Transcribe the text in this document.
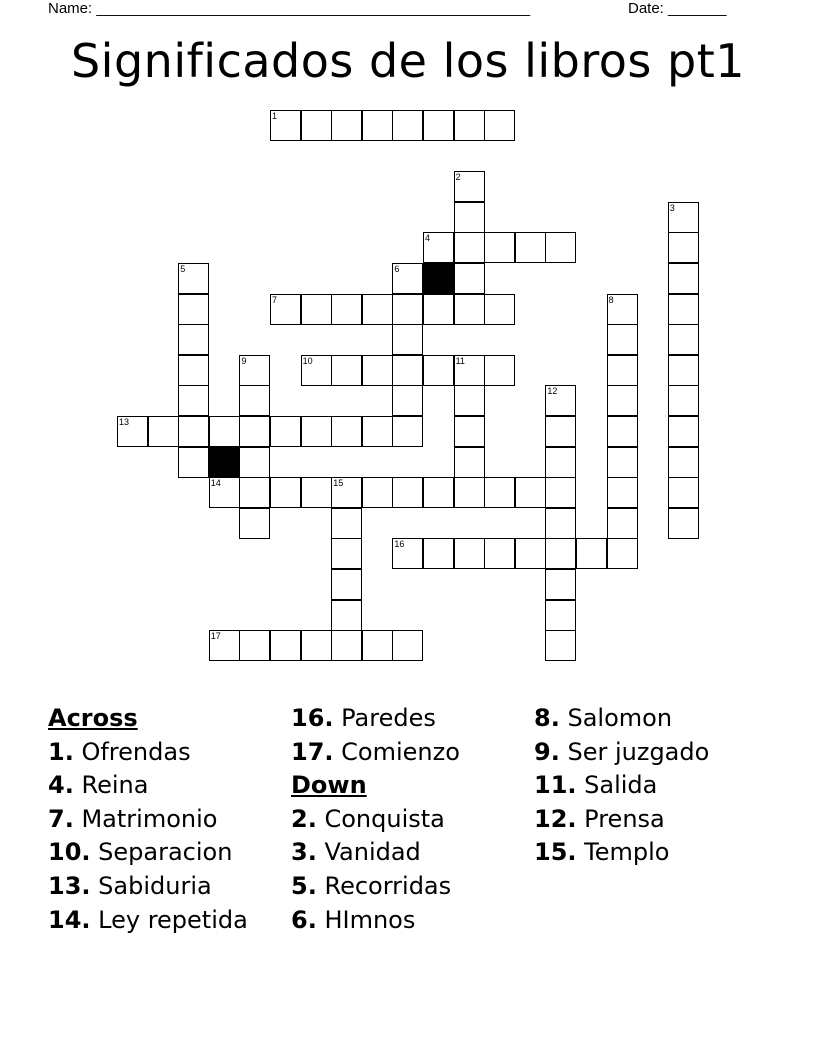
Name: ____________________________________________________	Date: _______
Significados de los libros pt1
1
2
3
4
5	6
7	8
9	10	11
12
13
14	15
16
17
Across
1. Ofrendas
4. Reina
7. Matrimonio
10. Separacion
13. Sabiduria
14. Ley repetida
16. Paredes
17. Comienzo
Down
2. Conquista
3. Vanidad
5. Recorridas
6. HImnos
8. Salomon
9. Ser juzgado
11. Salida
12. Prensa
15. Templo
